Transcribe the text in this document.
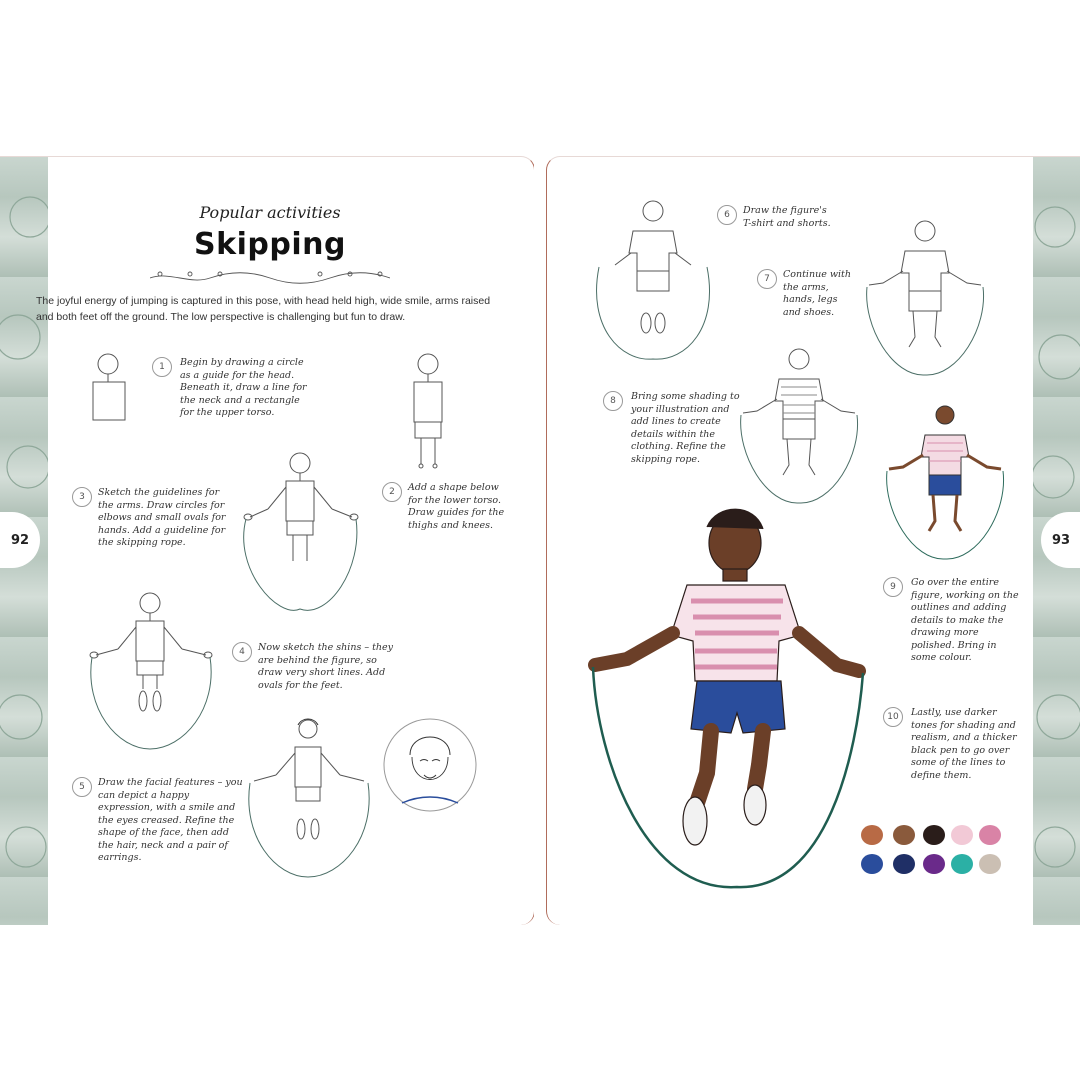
92
Popular activities
Skipping
The joyful energy of jumping is captured in this pose, with head held high, wide smile, arms raised and both feet off the ground. The low perspective is challenging but fun to draw.
1	Begin by drawing a circle as a guide for the head. Beneath it, draw a line for the neck and a rectangle for the upper torso.
2	Add a shape below for the lower torso. Draw guides for the thighs and knees.
3	Sketch the guidelines for the arms. Draw circles for elbows and small ovals for hands. Add a guideline for the skipping rope.
4	Now sketch the shins – they are behind the figure, so draw very short lines. Add ovals for the feet.
5	Draw the facial features – you can depict a happy expression, with a smile and the eyes creased. Refine the shape of the face, then add the hair, neck and a pair of earrings.
93
6	Draw the figure's T-shirt and shorts.
7	Continue with the arms, hands, legs and shoes.
8	Bring some shading to your illustration and add lines to create details within the clothing. Refine the skipping rope.
9	Go over the entire figure, working on the outlines and adding details to make the drawing more polished. Bring in some colour.
10	Lastly, use darker tones for shading and realism, and a thicker black pen to go over some of the lines to define them.
